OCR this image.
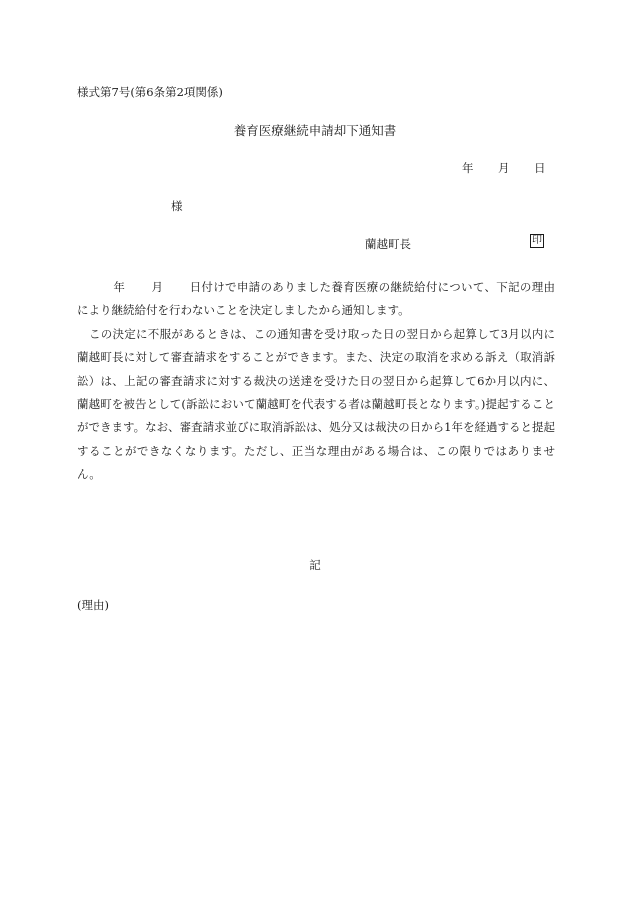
様式第7号(第6条第2項関係)
養育医療継続申請却下通知書
年 月 日
様
蘭越町長	印

年 月 日付けで申請のありました養育医療の継続給付について、下記の理由により継続給付を行わないことを決定しましたから通知します。

この決定に不服があるときは、この通知書を受け取った日の翌日から起算して3月以内に蘭越町長に対して審査請求をすることができます。また、決定の取消を求める訴え（取消訴訟）は、上記の審査請求に対する裁決の送達を受けた日の翌日から起算して6か月以内に、蘭越町を被告として(訴訟において蘭越町を代表する者は蘭越町長となります。)提起することができます。なお、審査請求並びに取消訴訟は、処分又は裁決の日から1年を経過すると提起することができなくなります。ただし、正当な理由がある場合は、この限りではありません。

記
(理由)
